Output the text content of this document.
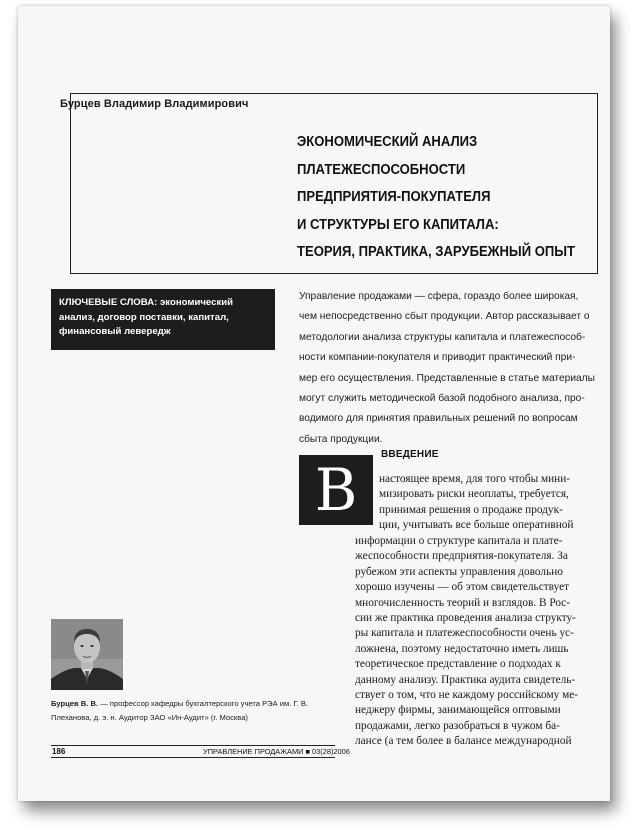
Бурцев Владимир Владимирович
ЭКОНОМИЧЕСКИЙ АНАЛИЗ
ПЛАТЕЖЕСПОСОБНОСТИ
ПРЕДПРИЯТИЯ-ПОКУПАТЕЛЯ
И СТРУКТУРЫ ЕГО КАПИТАЛА:
ТЕОРИЯ, ПРАКТИКА, ЗАРУБЕЖНЫЙ ОПЫТ
КЛЮЧЕВЫЕ СЛОВА: экономический анализ, договор поставки, капитал, финансовый левередж
Управление продажами — сфера, гораздо более широкая,
чем непосредственно сбыт продукции. Автор рассказывает о
методологии анализа структуры капитала и платежеспособ-
ности компании-покупателя и приводит практический при-
мер его осуществления. Представленные в статье материалы
могут служить методической базой подобного анализа, про-
водимого для принятия правильных решений по вопросам
сбыта продукции.
ВВЕДЕНИЕ
В	настоящее время, для того чтобы мини-
мизировать риски неоплаты, требуется,
принимая решения о продаже продук-
ции, учитывать все больше оперативной
информации о структуре капитала и плате-
жеспособности предприятия-покупателя. За
рубежом эти аспекты управления довольно
хорошо изучены — об этом свидетельствует
многочисленность теорий и взглядов. В Рос-
сии же практика проведения анализа структу-
ры капитала и платежеспособности очень ус-
ложнена, поэтому недостаточно иметь лишь
теоретическое представление о подходах к
данному анализу. Практика аудита свидетель-
ствует о том, что не каждому российскому ме-
неджеру фирмы, занимающейся оптовыми
продажами, легко разобраться в чужом ба-
лансе (а тем более в балансе международной
Бурцев В. В. — профессор кафедры бухгалтерского учета РЭА им. Г. В. Плеханова, д. э. н. Аудитор ЗАО «Ин-Аудит» (г. Москва)
186	УПРАВЛЕНИЕ ПРОДАЖАМИ ■ 03(28)2006
